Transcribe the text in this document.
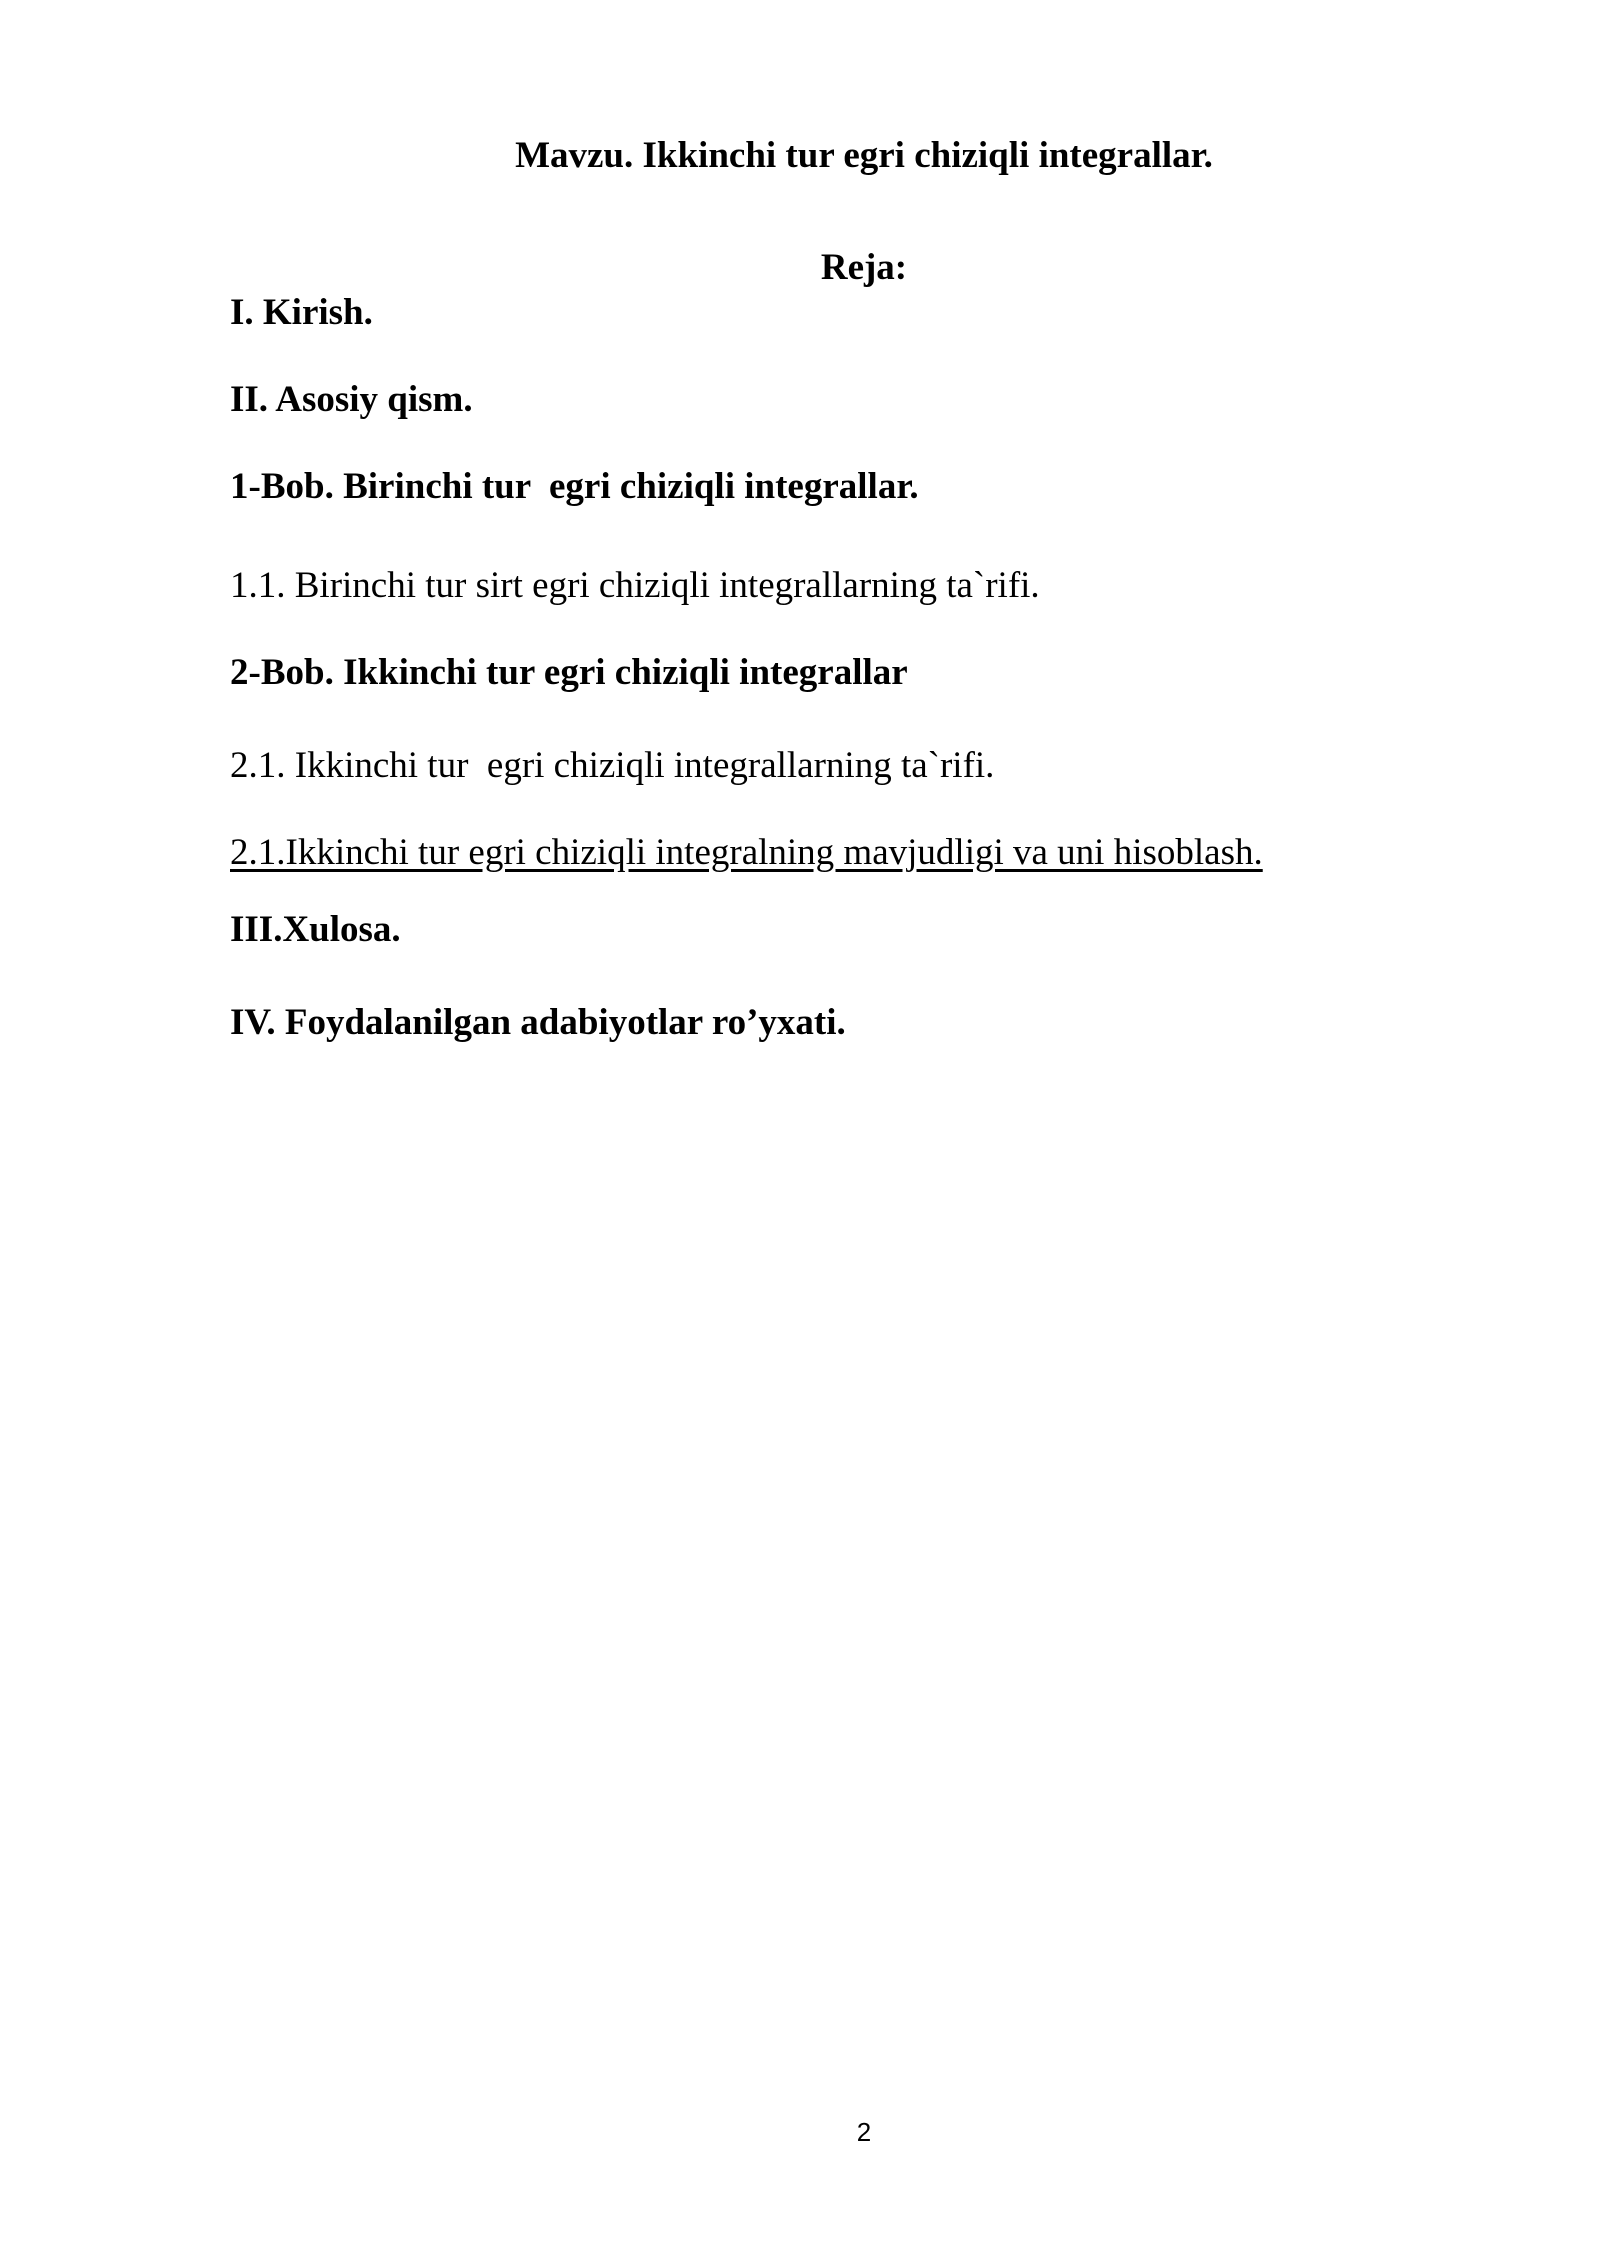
Mavzu. Ikkinchi tur egri chiziqli integrallar.
Reja:
I. Kirish.
II. Asosiy qism.
1-Bob. Birinchi tur  egri chiziqli integrallar.
1.1. Birinchi tur sirt egri chiziqli integrallarning ta`rifi.
2-Bob. Ikkinchi tur egri chiziqli integrallar
2.1. Ikkinchi tur  egri chiziqli integrallarning ta`rifi.
2.1.Ikkinchi tur egri chiziqli integralning mavjudligi va uni hisoblash.
III.Xulosa.
IV. Foydalanilgan adabiyotlar ro’yxati.
2
